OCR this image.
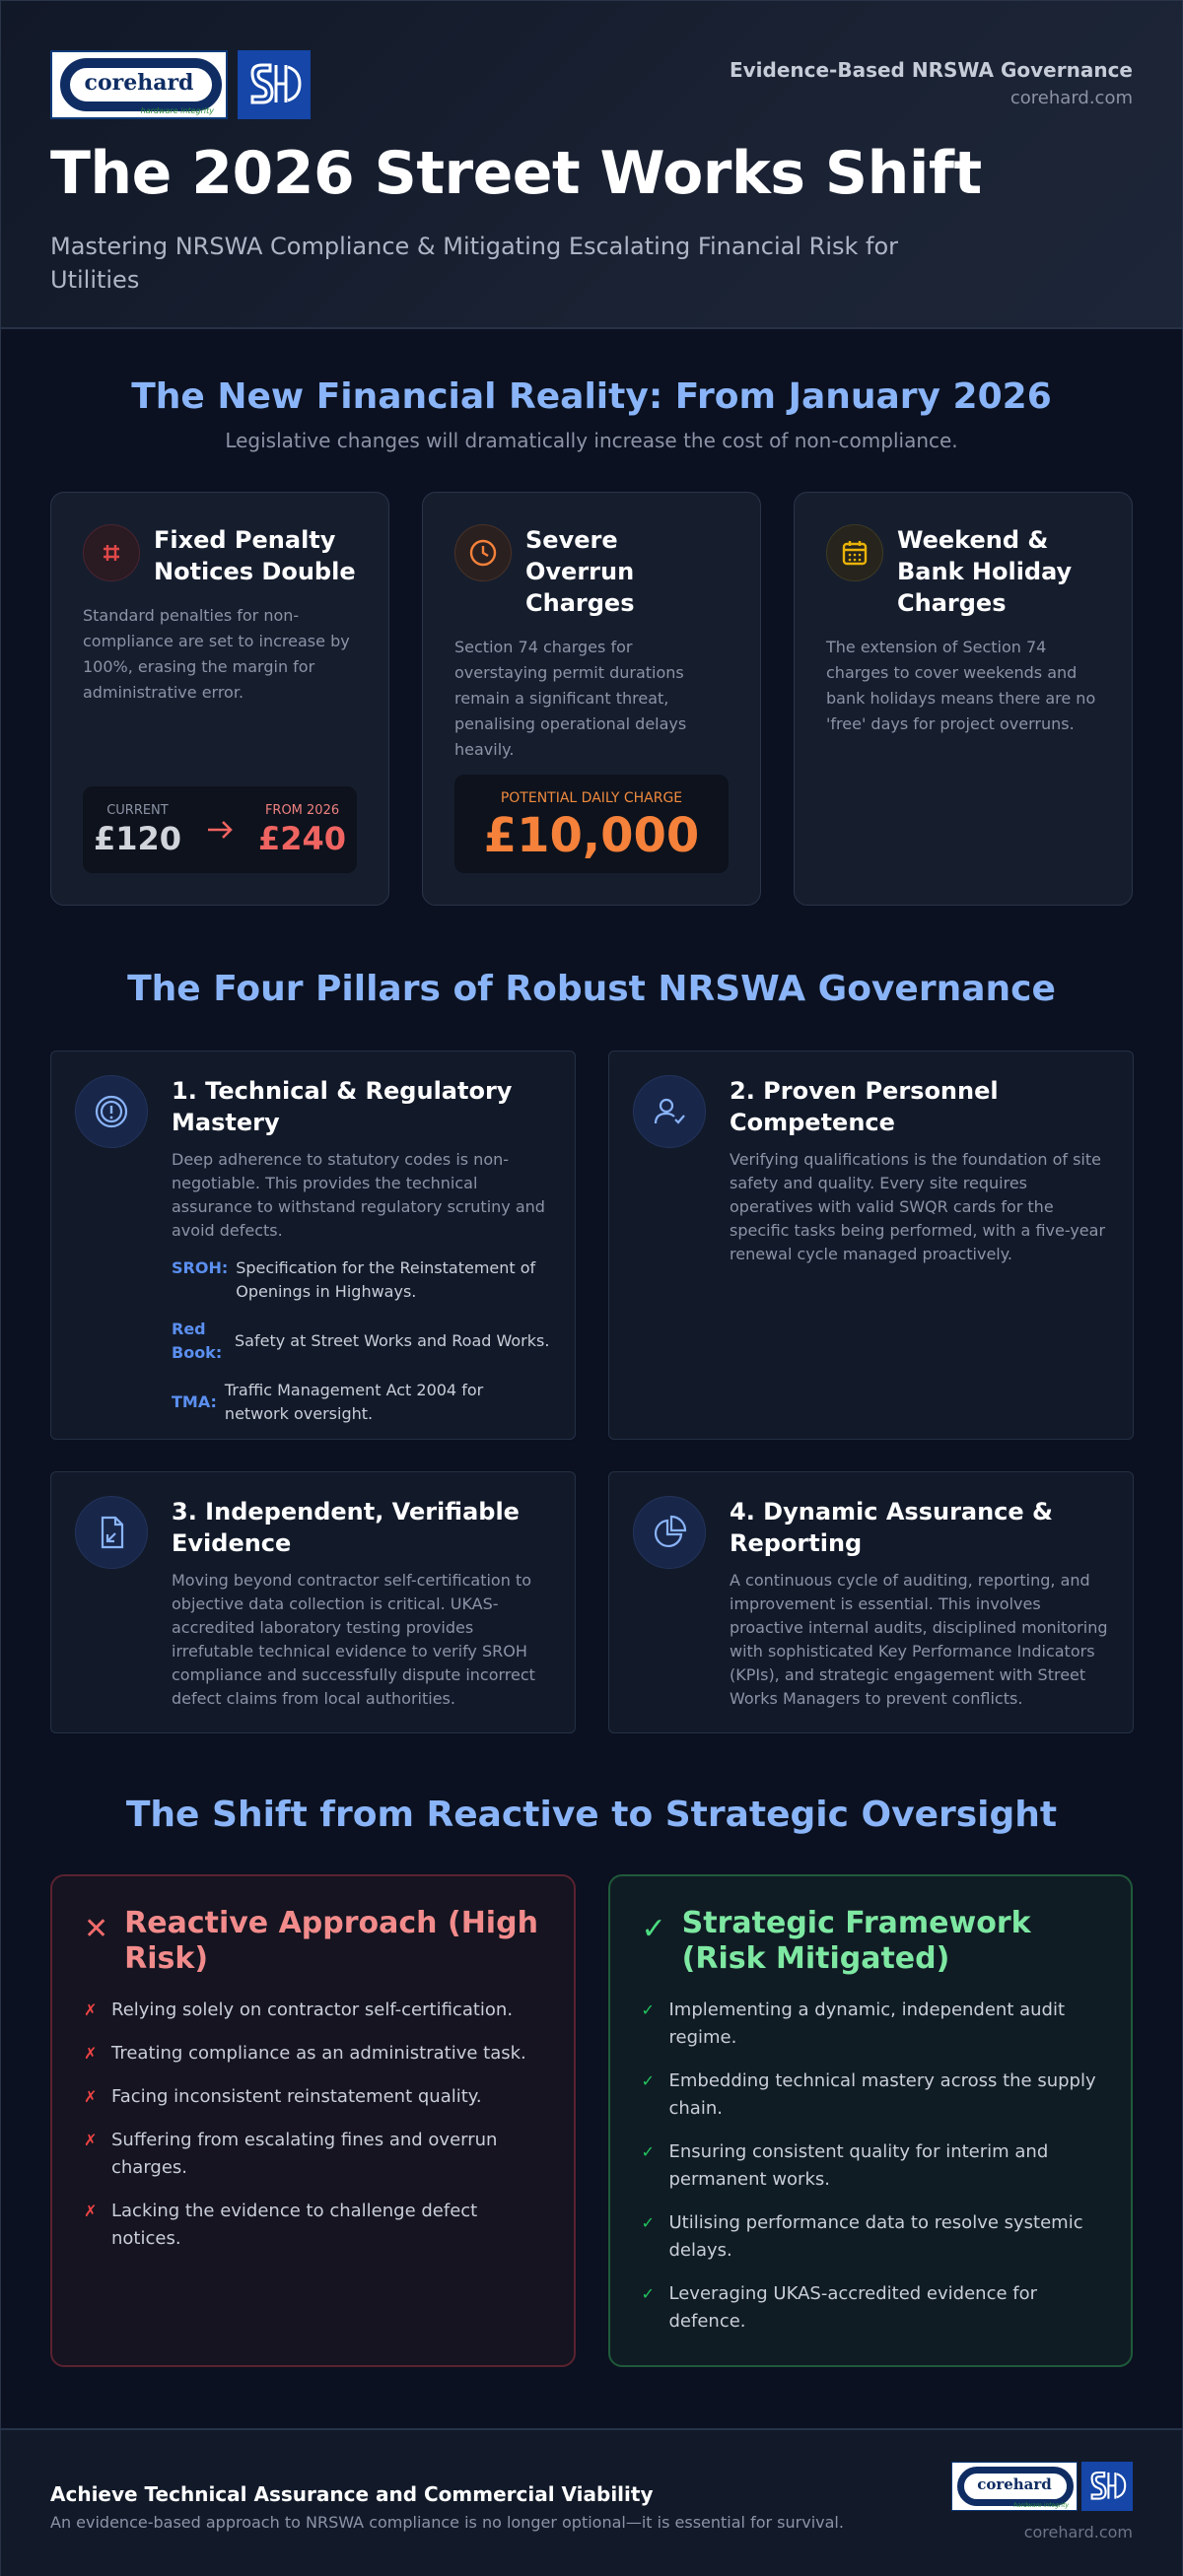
corehard
hardware integrity
Evidence-Based NRSWA Governance
corehard.com
The 2026 Street Works Shift

Mastering NRSWA Compliance & Mitigating Escalating Financial Risk for Utilities

The New Financial Reality: From January 2026

Legislative changes will dramatically increase the cost of non-compliance.

Fixed Penalty Notices Double

Standard penalties for non-compliance are set to increase by 100%, erasing the margin for administrative error.

CURRENT
£120
FROM 2026
£240
Severe Overrun Charges

Section 74 charges for overstaying permit durations remain a significant threat, penalising operational delays heavily.

POTENTIAL DAILY CHARGE
£10,000
Weekend & Bank Holiday Charges

The extension of Section 74 charges to cover weekends and bank holidays means there are no 'free' days for project overruns.

The Four Pillars of Robust NRSWA Governance
1. Technical & Regulatory Mastery

Deep adherence to statutory codes is non-negotiable. This provides the technical assurance to withstand regulatory scrutiny and avoid defects.

SROH: Specification for the Reinstatement of Openings in Highways.
Red Book:
Safety at Street Works and Road Works.
TMA:
Traffic Management Act 2004 for network oversight.
2. Proven Personnel Competence

Verifying qualifications is the foundation of site safety and quality. Every site requires operatives with valid SWQR cards for the specific tasks being performed, with a five-year renewal cycle managed proactively.

3. Independent, Verifiable Evidence

Moving beyond contractor self-certification to objective data collection is critical. UKAS-accredited laboratory testing provides irrefutable technical evidence to verify SROH compliance and successfully dispute incorrect defect claims from local authorities.

4. Dynamic Assurance & Reporting

A continuous cycle of auditing, reporting, and improvement is essential. This involves proactive internal audits, disciplined monitoring with sophisticated Key Performance Indicators (KPIs), and strategic engagement with Street Works Managers to prevent conflicts.

The Shift from Reactive to Strategic Oversight
✕ Reactive Approach (High Risk)
✗ Relying solely on contractor self-certification.
✗ Treating compliance as an administrative task.
✗ Facing inconsistent reinstatement quality.
✗ Suffering from escalating fines and overrun charges.
✗ Lacking the evidence to challenge defect notices.
✓ Strategic Framework (Risk Mitigated)
✓ Implementing a dynamic, independent audit regime.
✓ Embedding technical mastery across the supply chain.
✓ Ensuring consistent quality for interim and permanent works.
✓ Utilising performance data to resolve systemic delays.
✓ Leveraging UKAS-accredited evidence for defence.
Achieve Technical Assurance and Commercial Viability
An evidence-based approach to NRSWA compliance is no longer optional—it is essential for survival.
corehard
hardware integrity
corehard.com
